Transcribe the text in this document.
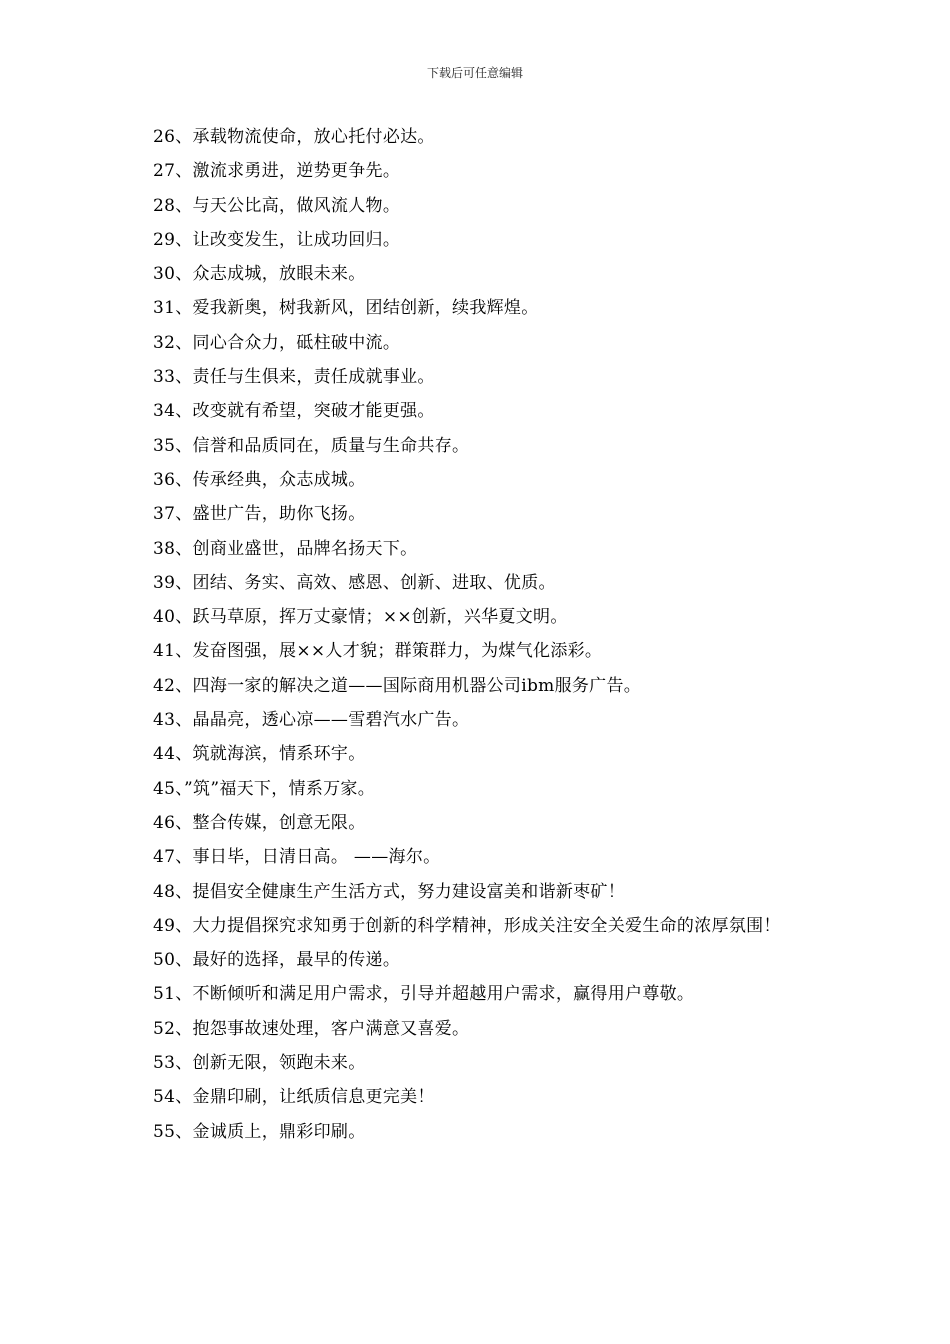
下载后可任意编辑
26、承载物流使命，放心托付必达。
27、激流求勇进，逆势更争先。
28、与天公比高，做风流人物。
29、让改变发生，让成功回归。
30、众志成城，放眼未来。
31、爱我新奥，树我新风，团结创新，续我辉煌。
32、同心合众力，砥柱破中流。
33、责任与生俱来，责任成就事业。
34、改变就有希望，突破才能更强。
35、信誉和品质同在，质量与生命共存。
36、传承经典，众志成城。
37、盛世广告，助你飞扬。
38、创商业盛世，品牌名扬天下。
39、团结、务实、高效、感恩、创新、进取、优质。
40、跃马草原，挥万丈豪情；××创新，兴华夏文明。
41、发奋图强，展××人才貌；群策群力，为煤气化添彩。
42、四海一家的解决之道——国际商用机器公司ibm服务广告。
43、晶晶亮，透心凉——雪碧汽水广告。
44、筑就海滨，情系环宇。
45、”筑”福天下，情系万家。
46、整合传媒，创意无限。
47、事日毕，日清日高。 ——海尔。
48、提倡安全健康生产生活方式，努力建设富美和谐新枣矿！
49、大力提倡探究求知勇于创新的科学精神，形成关注安全关爱生命的浓厚氛围！
50、最好的选择，最早的传递。
51、不断倾听和满足用户需求，引导并超越用户需求，赢得用户尊敬。
52、抱怨事故速处理，客户满意又喜爱。
53、创新无限，领跑未来。
54、金鼎印刷，让纸质信息更完美！
55、金诚质上，鼎彩印刷。
